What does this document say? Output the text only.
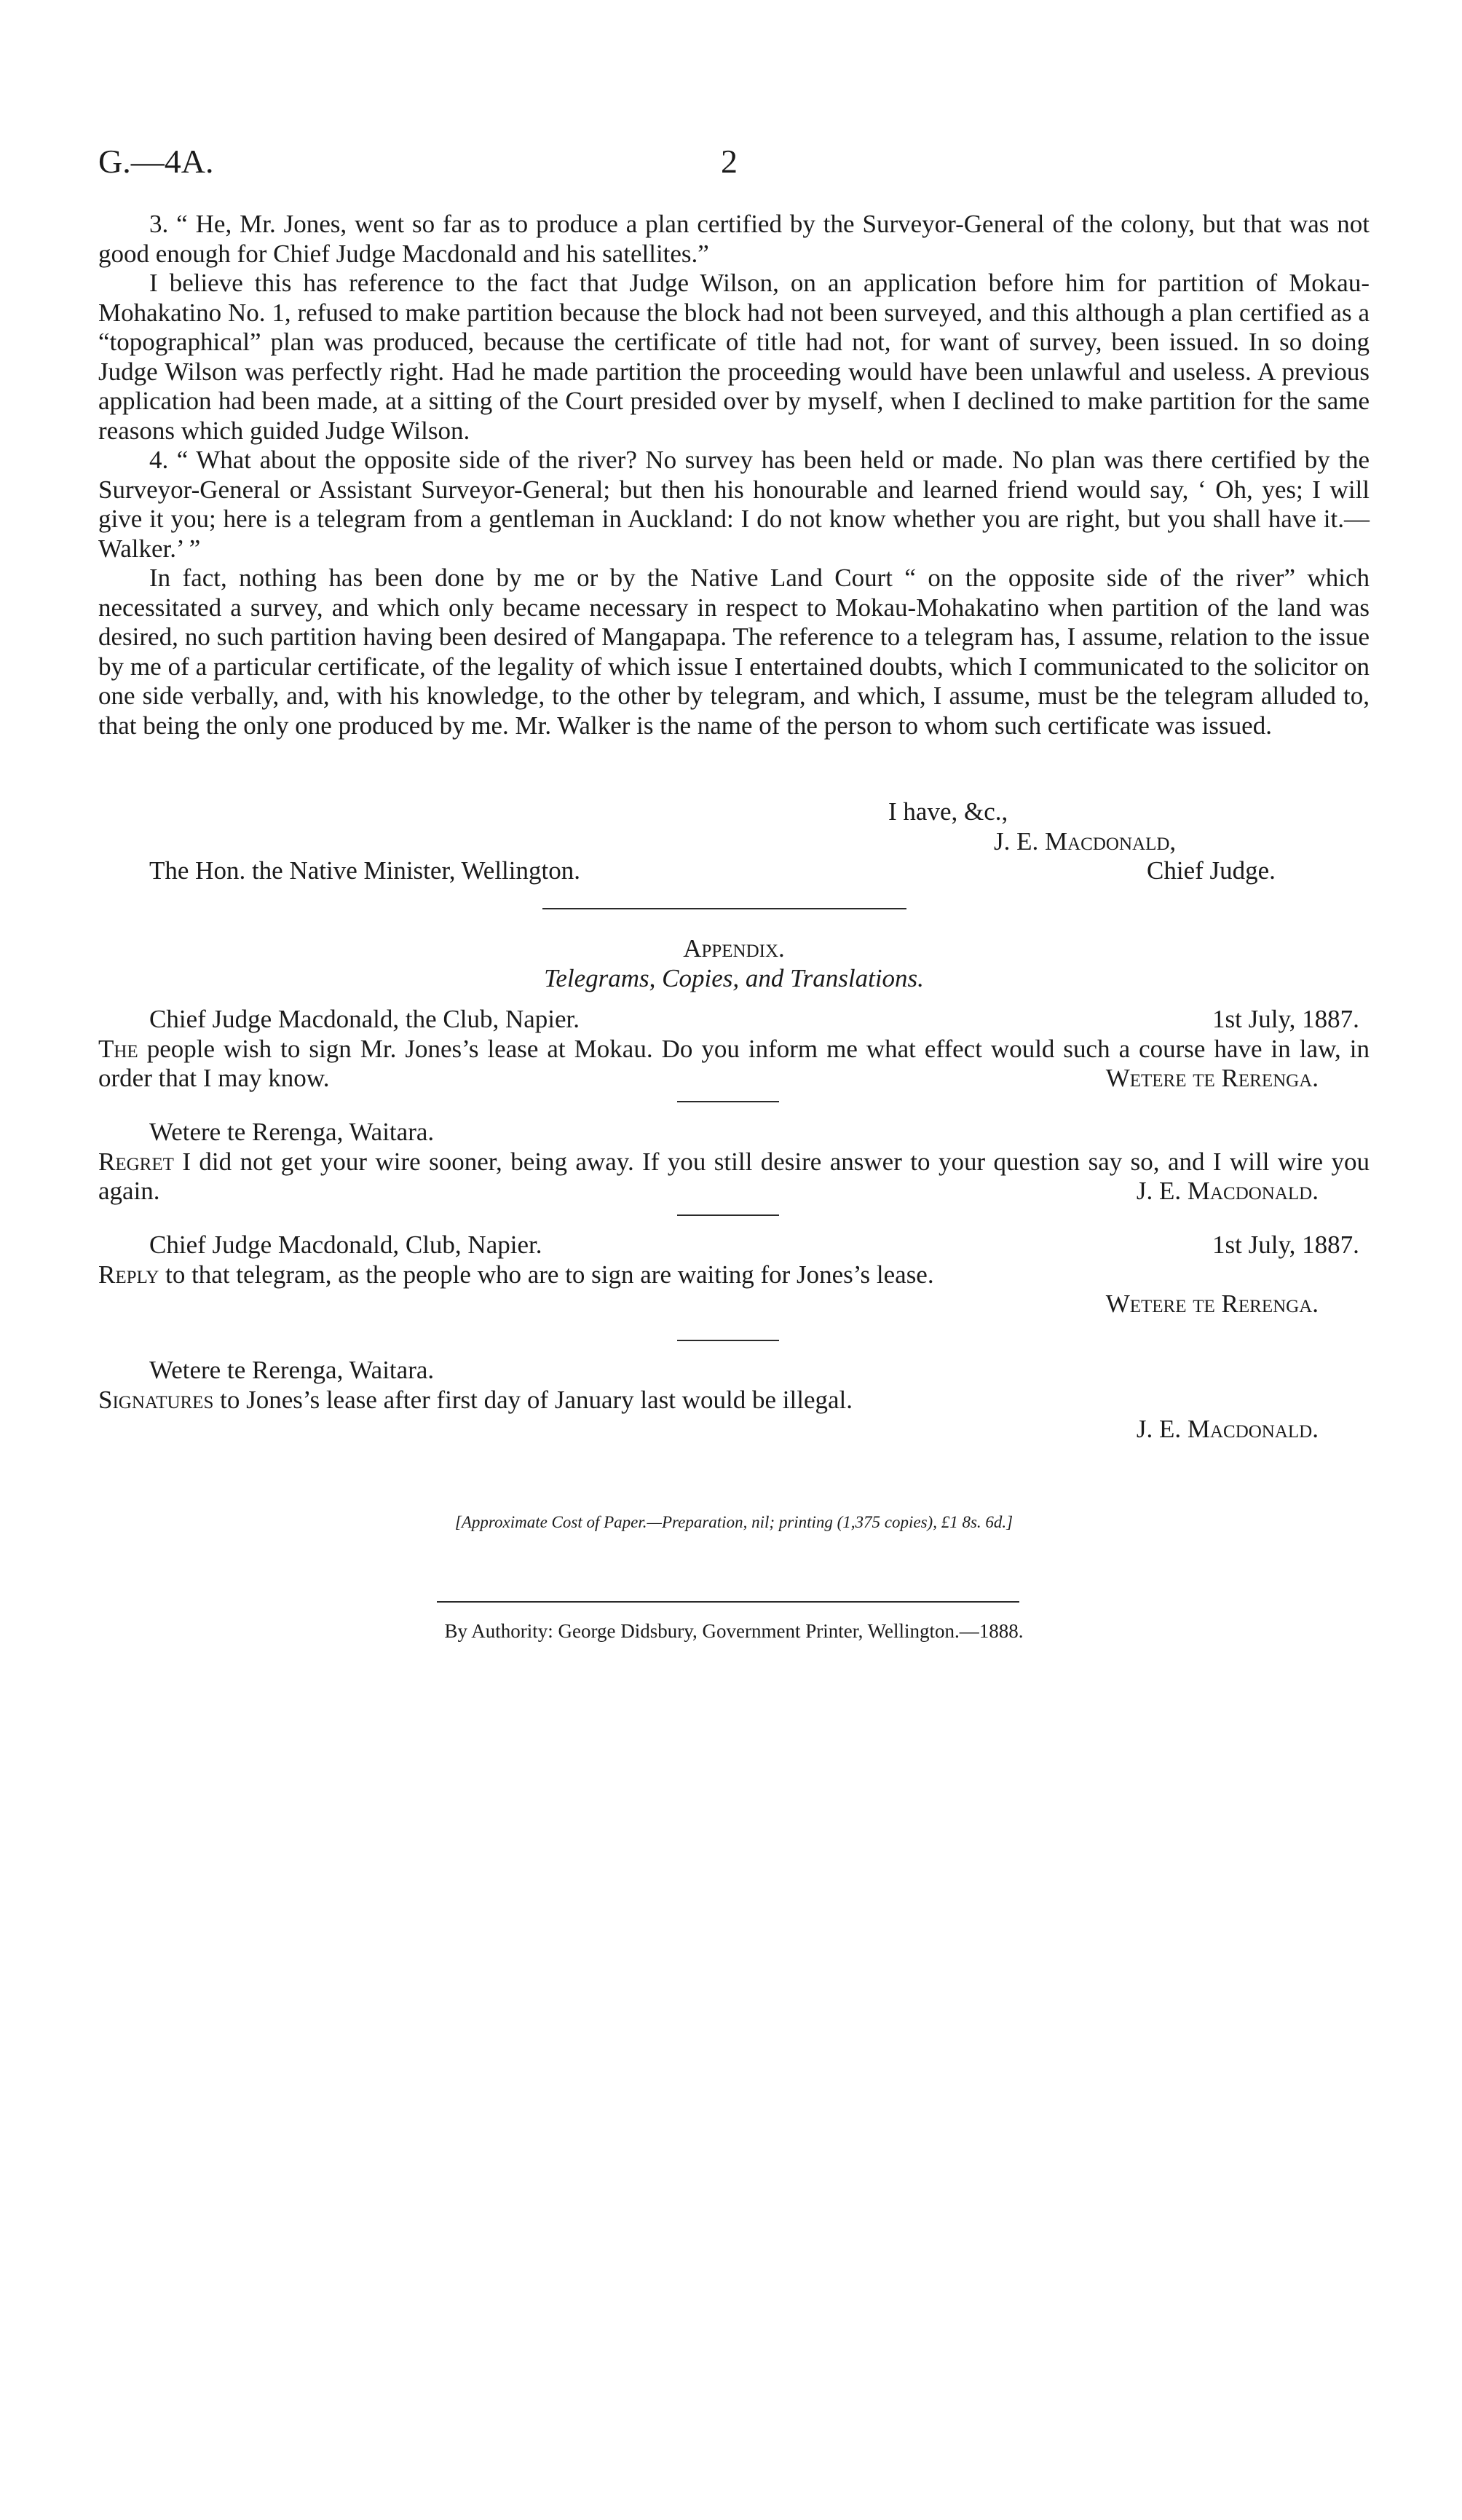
G.—4A.	2

3. “ He, Mr. Jones, went so far as to produce a plan certified by the Surveyor-General of the colony, but that was not good enough for Chief Judge Macdonald and his satellites.”

I believe this has reference to the fact that Judge Wilson, on an application before him for partition of Mokau-Mohakatino No. 1, refused to make partition because the block had not been surveyed, and this although a plan certified as a “topographical” plan was produced, because the certificate of title had not, for want of survey, been issued. In so doing Judge Wilson was perfectly right. Had he made partition the proceeding would have been unlawful and useless. A previous application had been made, at a sitting of the Court presided over by myself, when I declined to make partition for the same reasons which guided Judge Wilson.

4. “ What about the opposite side of the river? No survey has been held or made. No plan was there certified by the Surveyor-General or Assistant Surveyor-General; but then his honourable and learned friend would say, ‘ Oh, yes; I will give it you; here is a telegram from a gentleman in Auckland: I do not know whether you are right, but you shall have it.—Walker.’ ”

In fact, nothing has been done by me or by the Native Land Court “ on the opposite side of the river” which necessitated a survey, and which only became necessary in respect to Mokau-Mohakatino when partition of the land was desired, no such partition having been desired of Mangapapa. The reference to a telegram has, I assume, relation to the issue by me of a particular certificate, of the legality of which issue I entertained doubts, which I communicated to the solicitor on one side verbally, and, with his knowledge, to the other by telegram, and which, I assume, must be the telegram alluded to, that being the only one produced by me. Mr. Walker is the name of the person to whom such certificate was issued.

I have, &c.,
J. E. Macdonald,
The Hon. the Native Minister, Wellington.	Chief Judge.
Appendix.
Telegrams, Copies, and Translations.
Chief Judge Macdonald, the Club, Napier.	1st July, 1887.
The people wish to sign Mr. Jones’s lease at Mokau. Do you inform me what effect would such a course have in law, in order that I may know.	Wetere te Rerenga.
Wetere te Rerenga, Waitara.
Regret I did not get your wire sooner, being away. If you still desire answer to your question say so, and I will wire you again.	J. E. Macdonald.
Chief Judge Macdonald, Club, Napier.	1st July, 1887.
Reply to that telegram, as the people who are to sign are waiting for Jones’s lease.
Wetere te Rerenga.
Wetere te Rerenga, Waitara.
Signatures to Jones’s lease after first day of January last would be illegal.
J. E. Macdonald.
[Approximate Cost of Paper.—Preparation, nil; printing (1,375 copies), £1 8s. 6d.]
By Authority: George Didsbury, Government Printer, Wellington.—1888.
